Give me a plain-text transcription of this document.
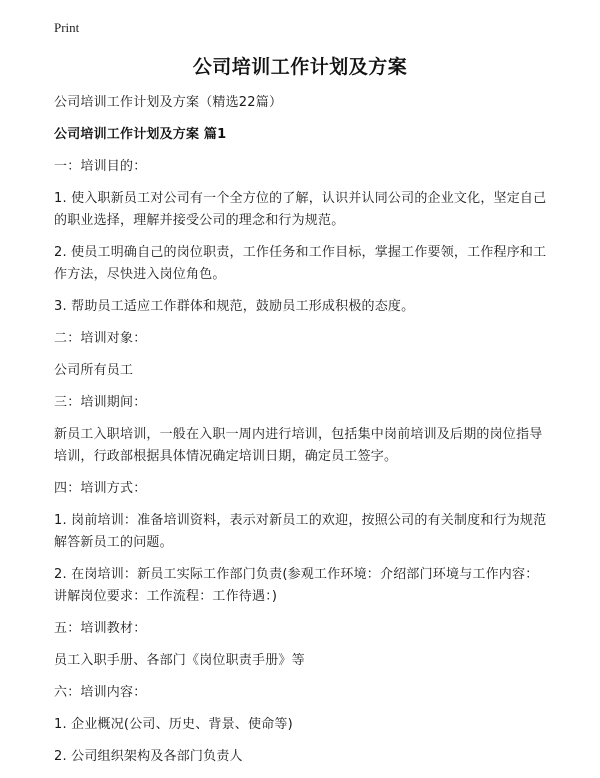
Print
公司培训工作计划及方案

公司培训工作计划及方案（精选22篇）

公司培训工作计划及方案 篇1

一：培训目的：

1. 使入职新员工对公司有一个全方位的了解，认识并认同公司的企业文化，坚定自己的职业选择，理解并接受公司的理念和行为规范。

2. 使员工明确自己的岗位职责，工作任务和工作目标，掌握工作要领，工作程序和工作方法，尽快进入岗位角色。

3. 帮助员工适应工作群体和规范，鼓励员工形成积极的态度。

二：培训对象：

公司所有员工

三：培训期间：

新员工入职培训，一般在入职一周内进行培训，包括集中岗前培训及后期的岗位指导培训，行政部根据具体情况确定培训日期，确定员工签字。

四：培训方式：

1. 岗前培训：准备培训资料，表示对新员工的欢迎，按照公司的有关制度和行为规范解答新员工的问题。

2. 在岗培训：新员工实际工作部门负责(参观工作环境：介绍部门环境与工作内容：讲解岗位要求：工作流程：工作待遇：)

五：培训教材：

员工入职手册、各部门《岗位职责手册》等

六：培训内容：

1. 企业概况(公司、历史、背景、使命等)

2. 公司组织架构及各部门负责人
